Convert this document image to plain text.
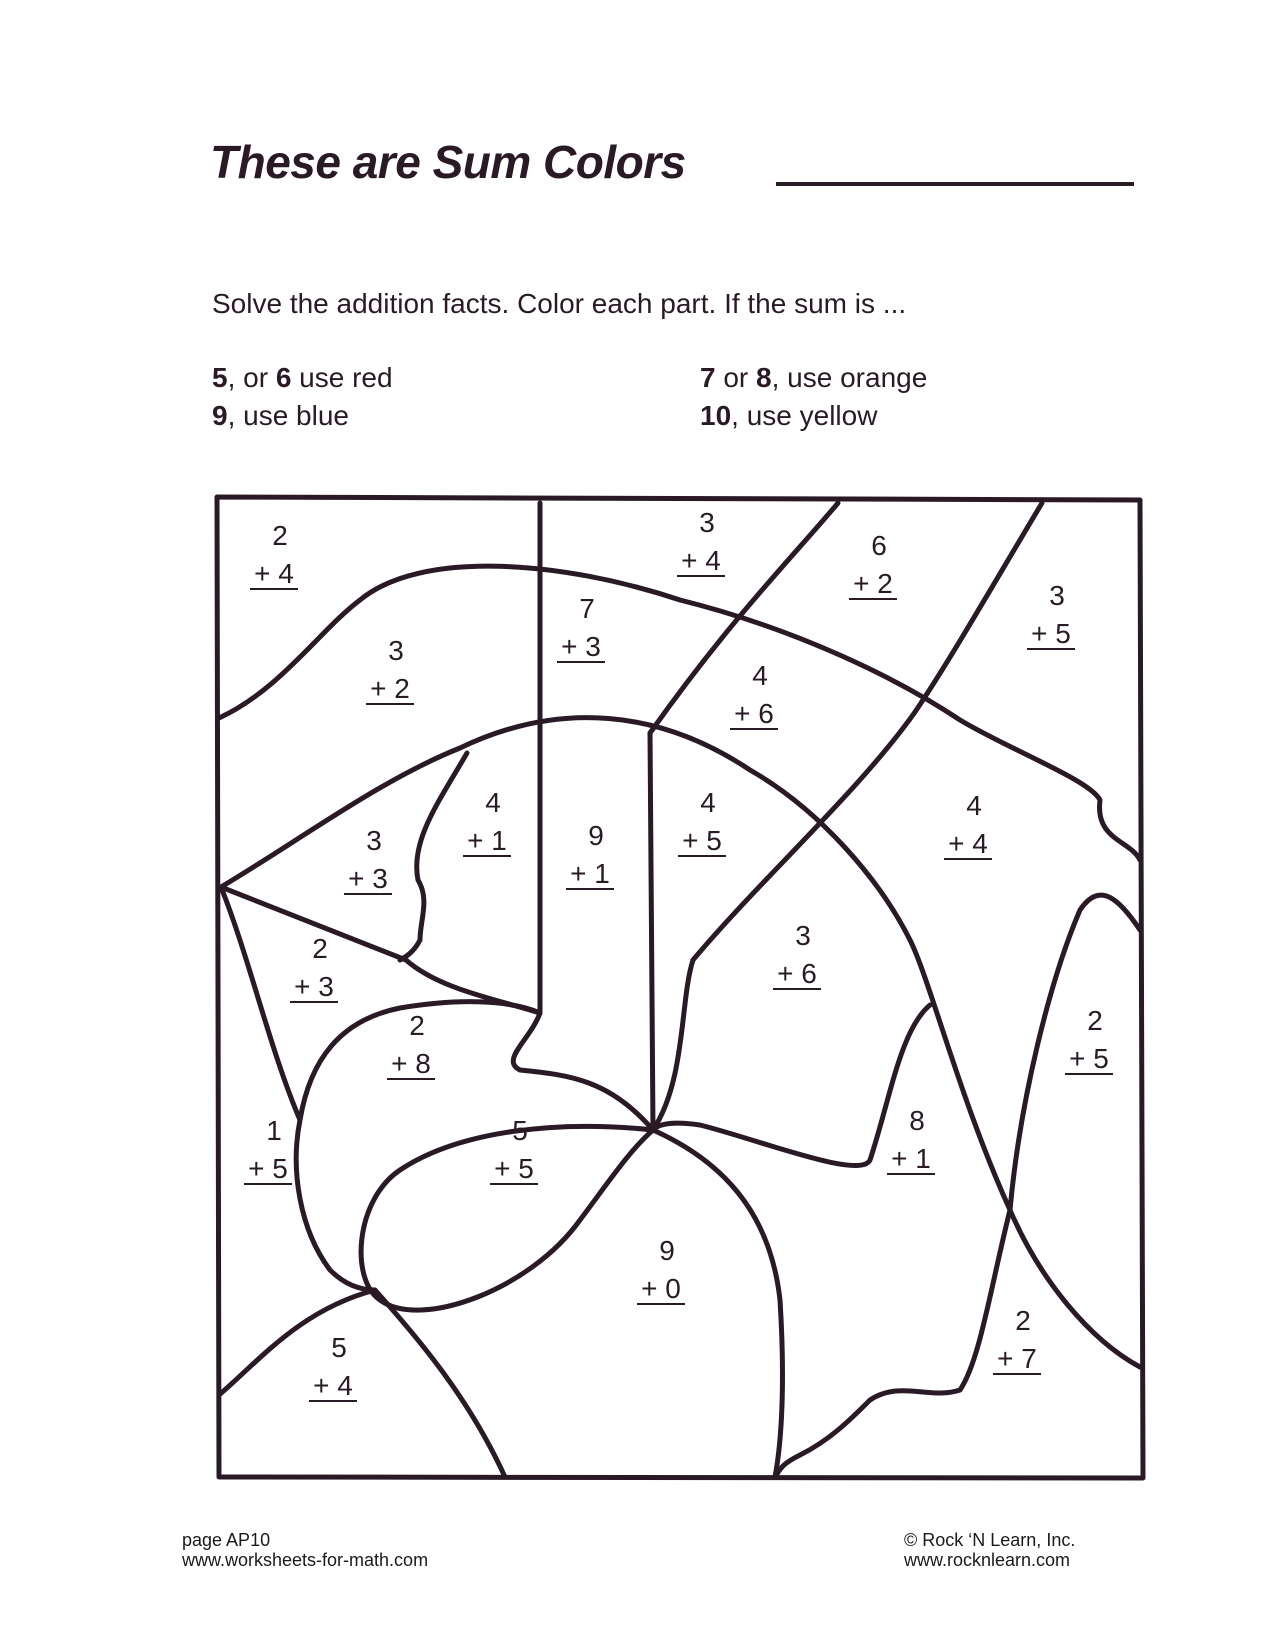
These are Sum Colors
Solve the addition facts. Color each part. If the sum is ...
5, or 6 use red
9, use blue
7 or 8, use orange
10, use yellow
2
+ 4
3
+ 4	6
+ 2	3
+ 5
7
+ 3
3
+ 2	4
+ 6
4
+ 1
3
+ 3
9
+ 1
4
+ 5
4
+ 4
3
+ 6
2
+ 3
2
+ 8
2
+ 5
1
+ 5
5
+ 5
8
+ 1
9
+ 0
5
+ 4
2
+ 7
page AP10
www.worksheets-for-math.com
© Rock ‘N Learn, Inc.
www.rocknlearn.com
